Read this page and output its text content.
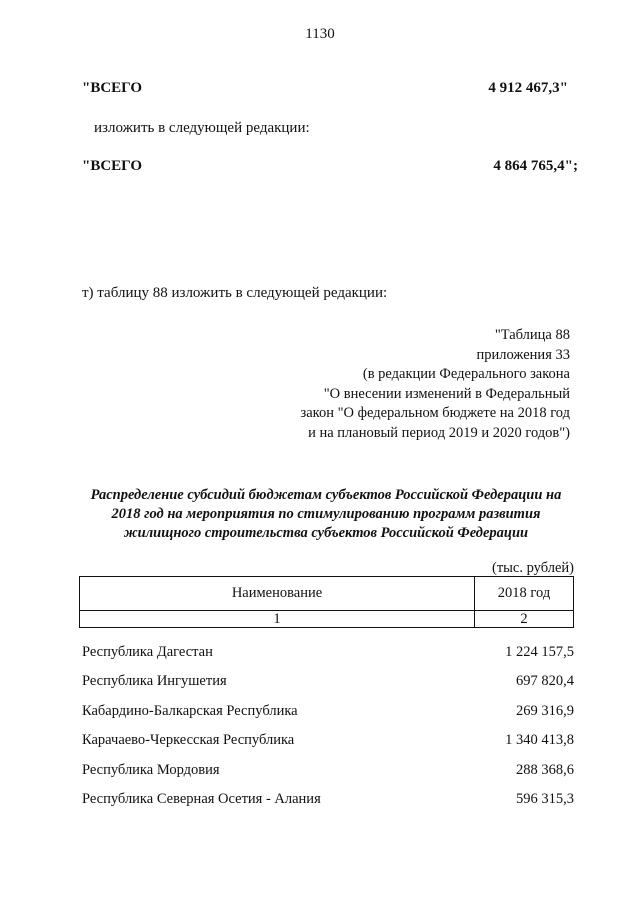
1130
"ВСЕГО	4 912 467,3"
изложить в следующей редакции:
"ВСЕГО	4 864 765,4";
т) таблицу 88 изложить в следующей редакции:
"Таблица 88
приложения 33
(в редакции Федерального закона
"О внесении изменений в Федеральный
закон "О федеральном бюджете на 2018 год
и на плановый период 2019 и 2020 годов")
Распределение субсидий бюджетам субъектов Российской Федерации на
2018 год на мероприятия по стимулированию программ развития
жилищного строительства субъектов Российской Федерации
(тыс. рублей)
Наименование	2018 год
1	2
Республика Дагестан	1 224 157,5
Республика Ингушетия	697 820,4
Кабардино-Балкарская Республика	269 316,9
Карачаево-Черкесская Республика	1 340 413,8
Республика Мордовия	288 368,6
Республика Северная Осетия - Алания	596 315,3
